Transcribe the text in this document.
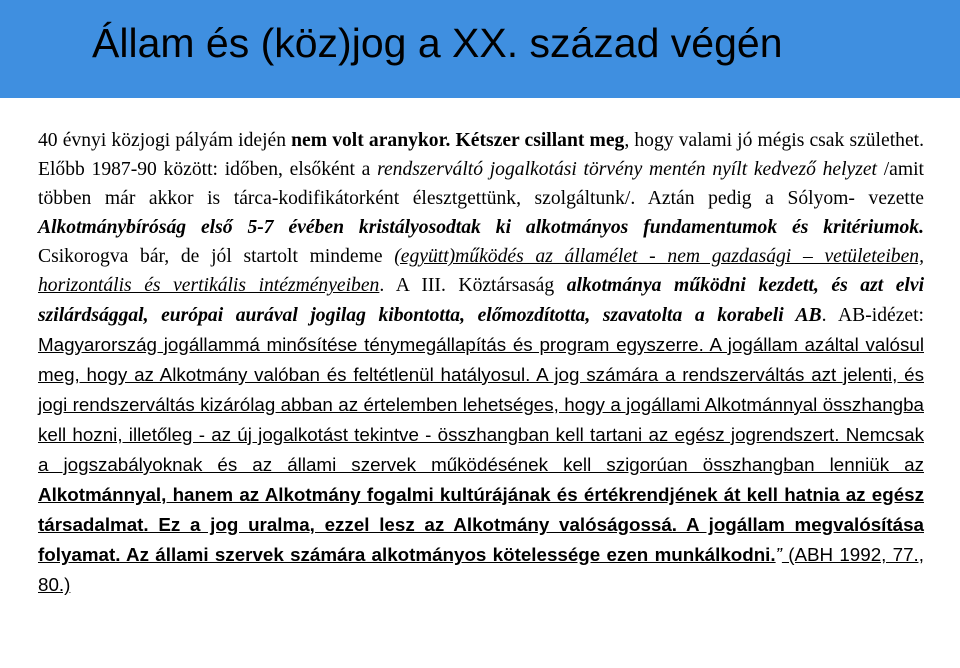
Állam és (köz)jog a XX. század végén
40 évnyi közjogi pályám idején nem volt aranykor. Kétszer csillant meg, hogy valami jó mégis csak születhet. Előbb 1987-90 között: időben, elsőként a rendszerváltó jogalkotási törvény mentén nyílt kedvező helyzet /amit többen már akkor is tárca-kodifikátorként élesztgettünk, szolgáltunk/. Aztán pedig a Sólyom- vezette Alkotmánybíróság első 5-7 évében kristályosodtak ki alkotmányos fundamentumok és kritériumok. Csikorogva bár, de jól startolt mindeme (együtt)működés az államélet - nem gazdasági – vetületeiben, horizontális és vertikális intézményeiben. A III. Köztársaság alkotmánya működni kezdett, és azt elvi szilárdsággal, európai aurával jogilag kibontotta, előmozdította, szavatolta a korabeli AB. AB-idézet: Magyarország jogállammá minősítése ténymegállapítás és program egyszerre. A jogállam azáltal valósul meg, hogy az Alkotmány valóban és feltétlenül hatályosul. A jog számára a rendszerváltás azt jelenti, és jogi rendszerváltás kizárólag abban az értelemben lehetséges, hogy a jogállami Alkotmánnyal összhangba kell hozni, illetőleg - az új jogalkotást tekintve - összhangban kell tartani az egész jogrendszert. Nemcsak a jogszabályoknak és az állami szervek működésének kell szigorúan összhangban lenniük az Alkotmánnyal, hanem az Alkotmány fogalmi kultúrájának és értékrendjének át kell hatnia az egész társadalmat. Ez a jog uralma, ezzel lesz az Alkotmány valóságossá. A jogállam megvalósítása folyamat. Az állami szervek számára alkotmányos kötelessége ezen munkálkodni.” (ABH 1992, 77., 80.)
